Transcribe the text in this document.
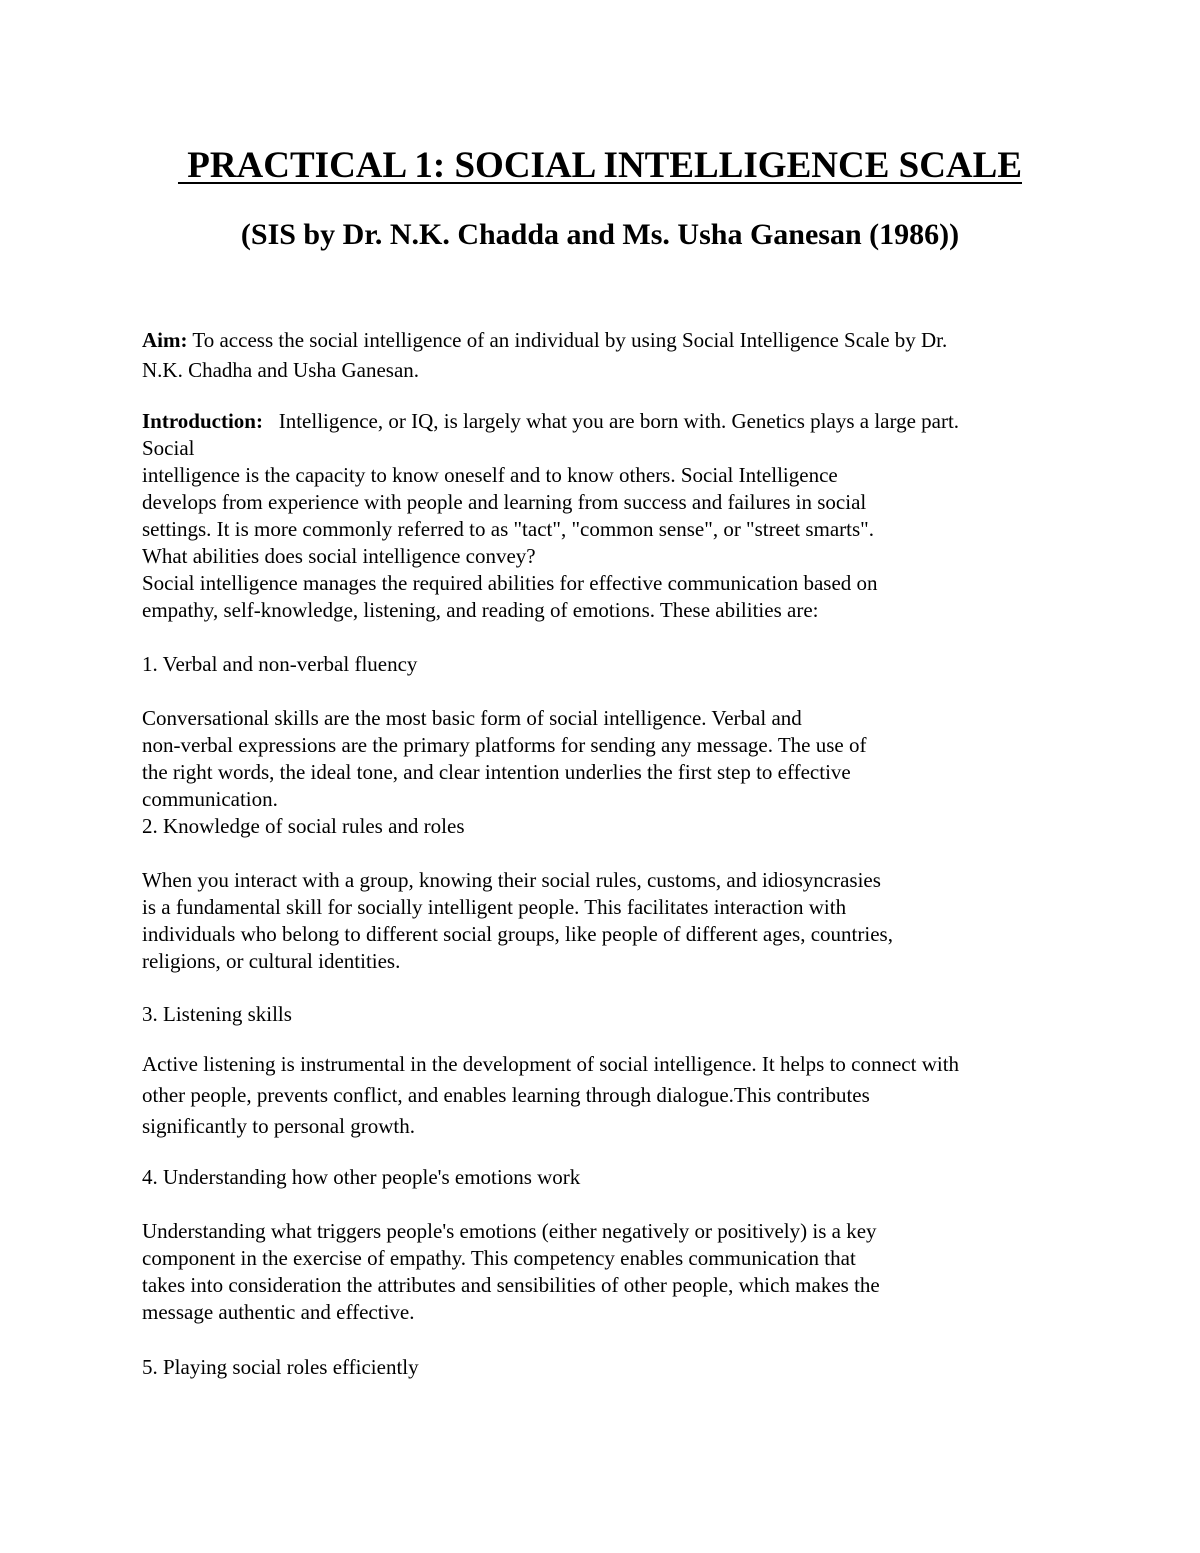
PRACTICAL 1: SOCIAL INTELLIGENCE SCALE
(SIS by Dr. N.K. Chadda and Ms. Usha Ganesan (1986))
Aim: To access the social intelligence of an individual by using Social Intelligence Scale by Dr.
N.K. Chadha and Usha Ganesan.
Introduction: Intelligence, or IQ, is largely what you are born with. Genetics plays a large part.
Social
intelligence is the capacity to know oneself and to know others. Social Intelligence
develops from experience with people and learning from success and failures in social
settings. It is more commonly referred to as "tact", "common sense", or "street smarts".
What abilities does social intelligence convey?
Social intelligence manages the required abilities for effective communication based on
empathy, self-knowledge, listening, and reading of emotions. These abilities are:
1. Verbal and non-verbal fluency
Conversational skills are the most basic form of social intelligence. Verbal and
non-verbal expressions are the primary platforms for sending any message. The use of
the right words, the ideal tone, and clear intention underlies the first step to effective
communication.
2. Knowledge of social rules and roles
When you interact with a group, knowing their social rules, customs, and idiosyncrasies
is a fundamental skill for socially intelligent people. This facilitates interaction with
individuals who belong to different social groups, like people of different ages, countries,
religions, or cultural identities.
3. Listening skills
Active listening is instrumental in the development of social intelligence. It helps to connect with
other people, prevents conflict, and enables learning through dialogue.This contributes
significantly to personal growth.
4. Understanding how other people's emotions work
Understanding what triggers people's emotions (either negatively or positively) is a key
component in the exercise of empathy. This competency enables communication that
takes into consideration the attributes and sensibilities of other people, which makes the
message authentic and effective.
5. Playing social roles efficiently
